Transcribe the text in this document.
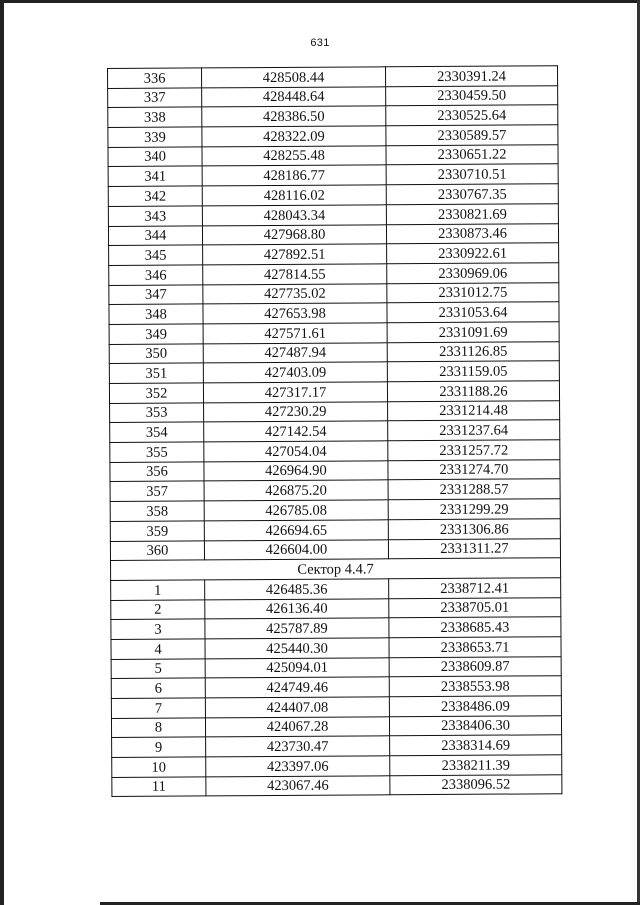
631
336	428508.44	2330391.24
337	428448.64	2330459.50
338	428386.50	2330525.64
339	428322.09	2330589.57
340	428255.48	2330651.22
341	428186.77	2330710.51
342	428116.02	2330767.35
343	428043.34	2330821.69
344	427968.80	2330873.46
345	427892.51	2330922.61
346	427814.55	2330969.06
347	427735.02	2331012.75
348	427653.98	2331053.64
349	427571.61	2331091.69
350	427487.94	2331126.85
351	427403.09	2331159.05
352	427317.17	2331188.26
353	427230.29	2331214.48
354	427142.54	2331237.64
355	427054.04	2331257.72
356	426964.90	2331274.70
357	426875.20	2331288.57
358	426785.08	2331299.29
359	426694.65	2331306.86
360	426604.00	2331311.27
Сектор 4.4.7		
1	426485.36	2338712.41
2	426136.40	2338705.01
3	425787.89	2338685.43
4	425440.30	2338653.71
5	425094.01	2338609.87
6	424749.46	2338553.98
7	424407.08	2338486.09
8	424067.28	2338406.30
9	423730.47	2338314.69
10	423397.06	2338211.39
11	423067.46	2338096.52
